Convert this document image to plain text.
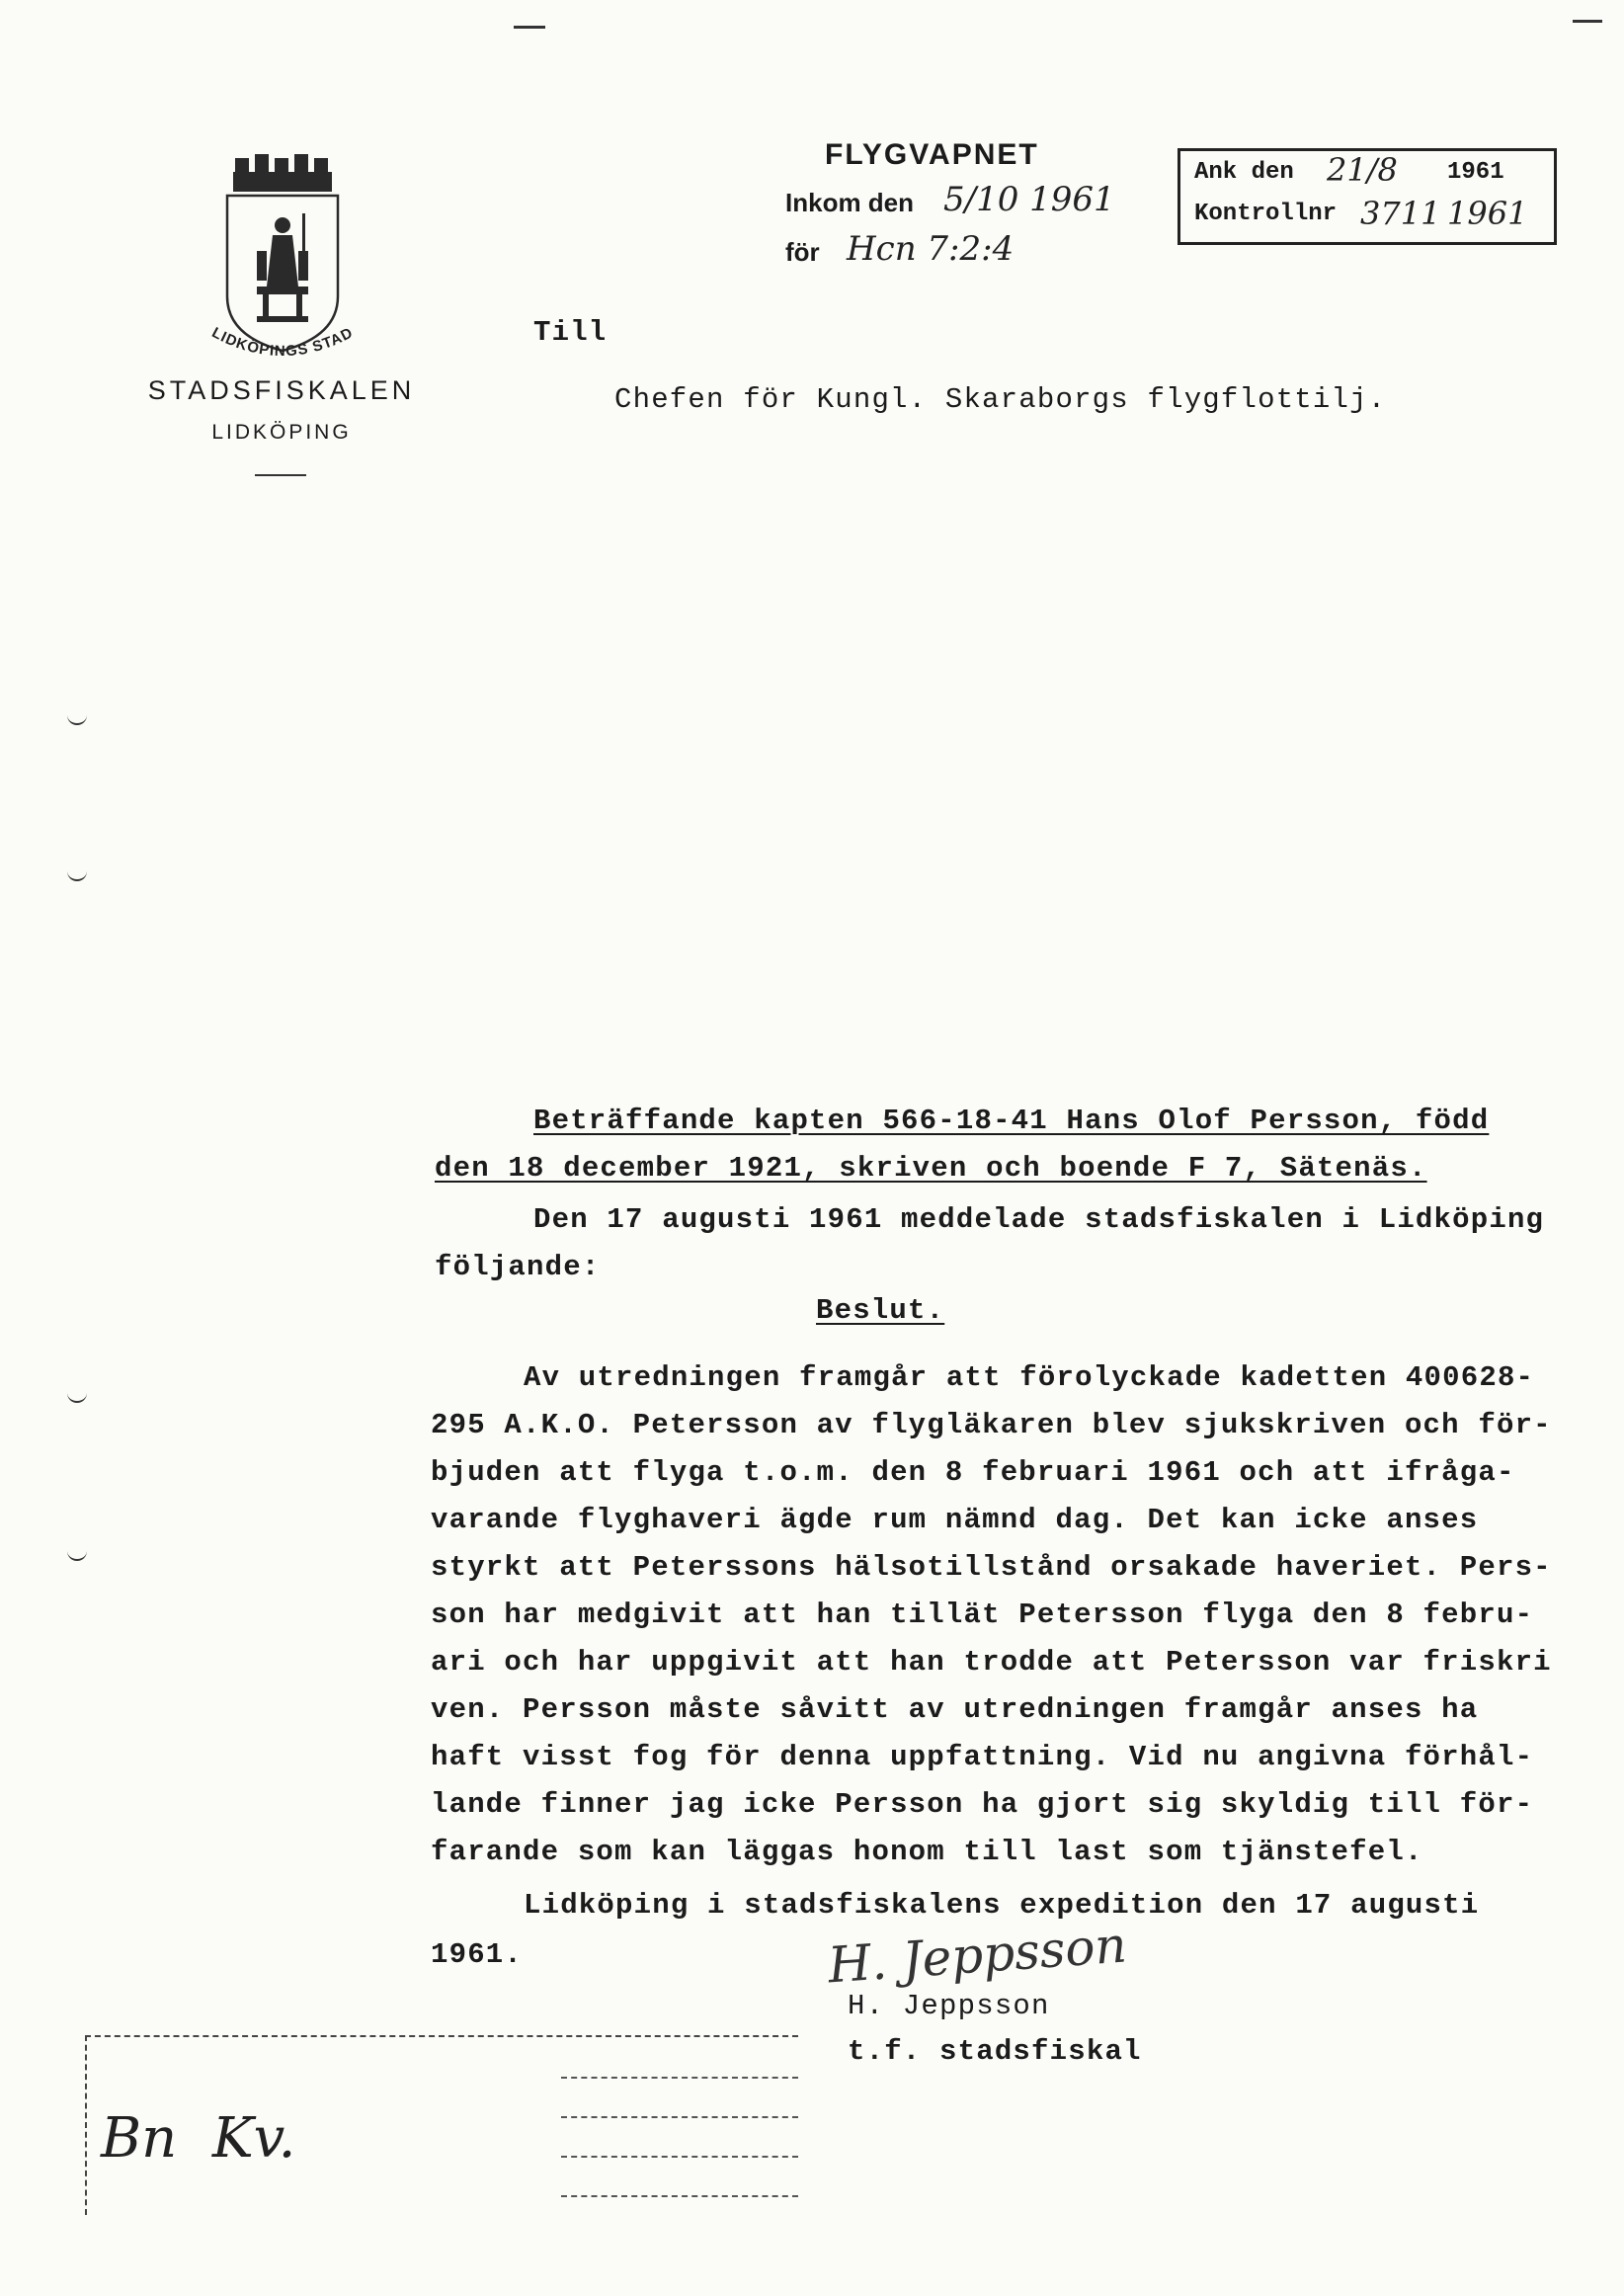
LIDKÖPINGS STAD
STADSFISKALEN
LIDKÖPING
FLYGVAPNET
Inkom den 5/10 1961
för Hcn 7:2:4
Ank den 21/8 1961
Kontrollnr 3711 1961
Till
Chefen för Kungl. Skaraborgs flygflottilj.
Beträffande kapten 566-18-41 Hans Olof Persson, född
den 18 december 1921, skriven och boende F 7, Sätenäs.
Den 17 augusti 1961 meddelade stadsfiskalen i Lidköping
följande:
Beslut.
Av utredningen framgår att förolyckade kadetten 400628-
295 A.K.O. Petersson av flygläkaren blev sjukskriven och för-
bjuden att flyga t.o.m. den 8 februari 1961 och att ifråga-
varande flyghaveri ägde rum nämnd dag. Det kan icke anses
styrkt att Peterssons hälsotillstånd orsakade haveriet. Pers-
son har medgivit att han tillät Petersson flyga den 8 febru-
ari och har uppgivit att han trodde att Petersson var friskri
ven. Persson måste såvitt av utredningen framgår anses ha
haft visst fog för denna uppfattning. Vid nu angivna förhål-
lande finner jag icke Persson ha gjort sig skyldig till för-
farande som kan läggas honom till last som tjänstefel.
Lidköping i stadsfiskalens expedition den 17 augusti
1961.	H. Jeppsson
H. Jeppsson
t.f. stadsfiskal
Bn  Kv.
